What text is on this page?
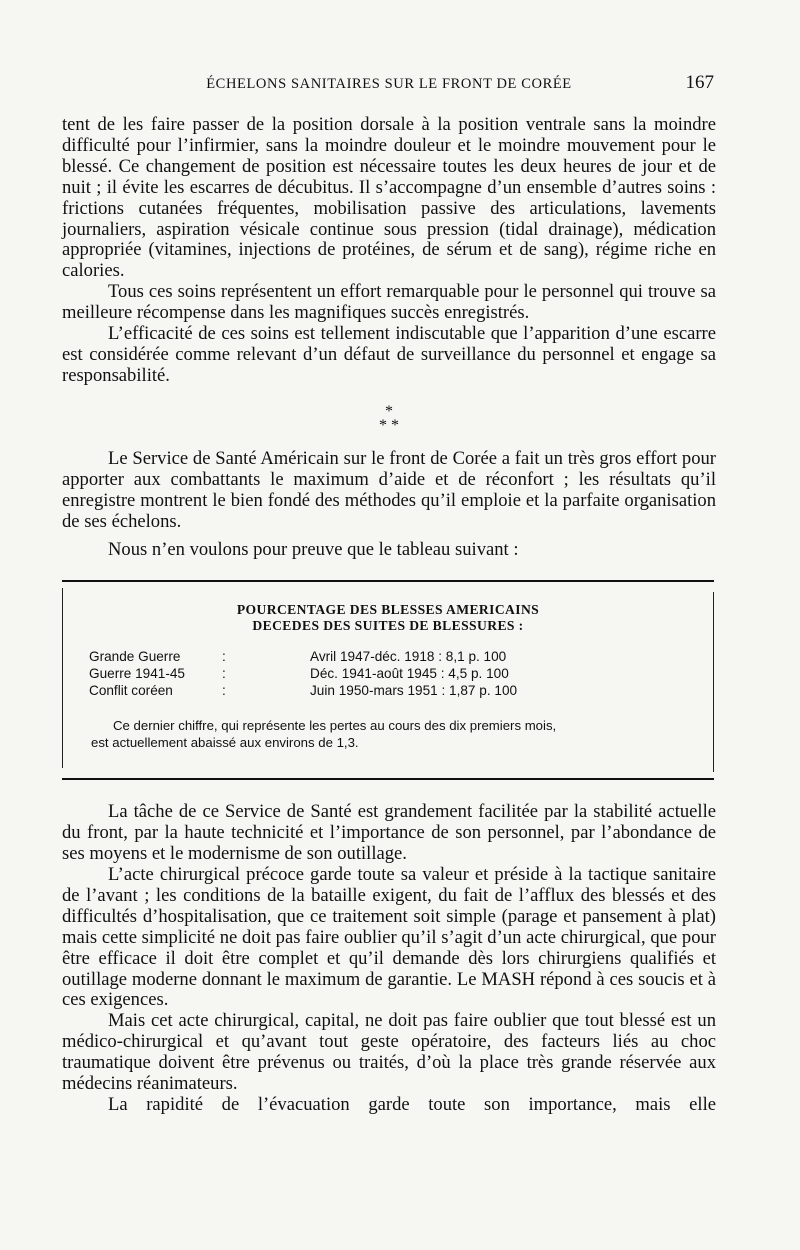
ÉCHELONS SANITAIRES SUR LE FRONT DE CORÉE	167

tent de les faire passer de la position dorsale à la position ventrale sans la moindre difficulté pour l’infirmier, sans la moindre douleur et le moindre mouvement pour le blessé. Ce changement de position est nécessaire toutes les deux heures de jour et de nuit ; il évite les escarres de décubitus. Il s’accompagne d’un ensemble d’autres soins : frictions cutanées fréquentes, mobilisation passive des articulations, lavements journaliers, aspiration vésicale continue sous pression (tidal drainage), médication appropriée (vitamines, injections de protéines, de sérum et de sang), régime riche en calories.

Tous ces soins représentent un effort remarquable pour le personnel qui trouve sa meilleure récompense dans les magnifiques succès enregistrés.

L’efficacité de ces soins est tellement indiscutable que l’apparition d’une escarre est considérée comme relevant d’un défaut de surveillance du personnel et engage sa responsabilité.

*
* *

Le Service de Santé Américain sur le front de Corée a fait un très gros effort pour apporter aux combattants le maximum d’aide et de réconfort ; les résultats qu’il enregistre montrent le bien fondé des méthodes qu’il emploie et la parfaite organisation de ses échelons.

Nous n’en voulons pour preuve que le tableau suivant :

POURCENTAGE DES BLESSES AMERICAINS
DECEDES DES SUITES DE BLESSURES :
Grande Guerre	:	Avril 1947-déc. 1918 : 8,1 p. 100
Guerre 1941-45	:	Déc. 1941-août 1945 : 4,5 p. 100
Conflit coréen	:	Juin 1950-mars 1951 : 1,87 p. 100
Ce dernier chiffre, qui représente les pertes au cours des dix premiers mois,
est actuellement abaissé aux environs de 1,3.

La tâche de ce Service de Santé est grandement facilitée par la stabilité actuelle du front, par la haute technicité et l’importance de son personnel, par l’abondance de ses moyens et le modernisme de son outillage.

L’acte chirurgical précoce garde toute sa valeur et préside à la tactique sanitaire de l’avant ; les conditions de la bataille exigent, du fait de l’afflux des blessés et des difficultés d’hospitalisation, que ce traitement soit simple (parage et pansement à plat) mais cette simplicité ne doit pas faire oublier qu’il s’agit d’un acte chirurgical, que pour être efficace il doit être complet et qu’il demande dès lors chirurgiens qualifiés et outillage moderne donnant le maximum de garantie. Le MASH répond à ces soucis et à ces exigences.

Mais cet acte chirurgical, capital, ne doit pas faire oublier que tout blessé est un médico-chirurgical et qu’avant tout geste opératoire, des facteurs liés au choc traumatique doivent être prévenus ou traités, d’où la place très grande réservée aux médecins réanimateurs.

La rapidité de l’évacuation garde toute son importance, mais elle
